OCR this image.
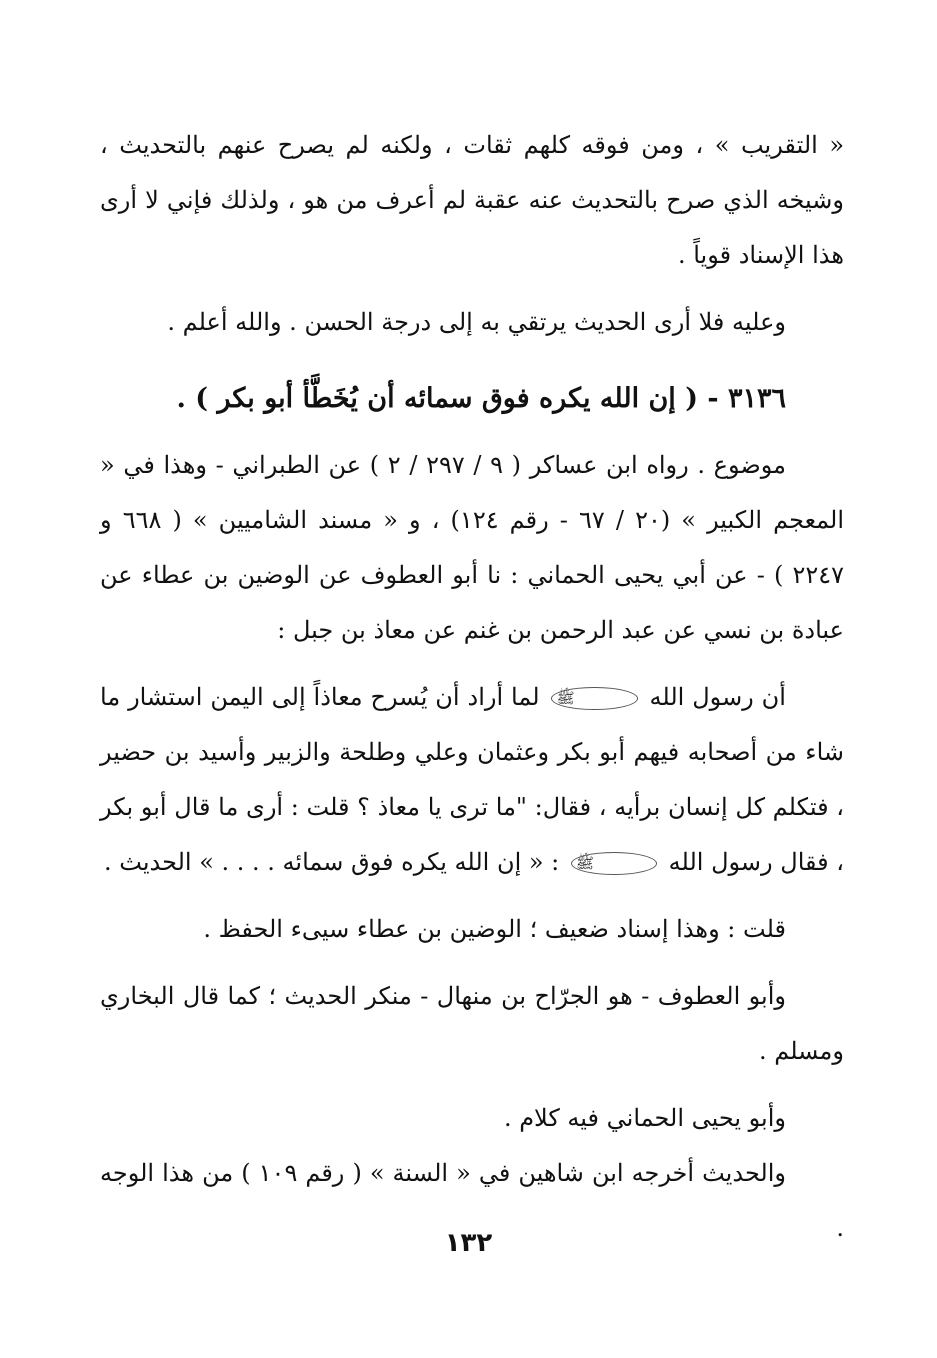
« التقريب » ، ومن فوقه كلهم ثقات ، ولكنه لم يصرح عنهم بالتحديث ، وشيخه الذي صرح بالتحديث عنه عقبة لم أعرف من هو ، ولذلك فإني لا أرى هذا الإسناد قوياً .

وعليه فلا أرى الحديث يرتقي به إلى درجة الحسن . والله أعلم .

٣١٣٦ - ( إن الله يكره فوق سمائه أن يُخَطَّأ أبو بكر ) .

موضوع . رواه ابن عساكر ( ٩ / ٢٩٧ / ٢ ) عن الطبراني - وهذا في « المعجم الكبير » (٢٠ / ٦٧ - رقم ١٢٤) ، و « مسند الشاميين » ( ٦٦٨ و ٢٢٤٧ ) - عن أبي يحيى الحماني : نا أبو العطوف عن الوضين بن عطاء عن عبادة بن نسي عن عبد الرحمن بن غنم عن معاذ بن جبل :

أن رسول الله ﷺ لما أراد أن يُسرح معاذاً إلى اليمن استشار ما شاء من أصحابه فيهم أبو بكر وعثمان وعلي وطلحة والزبير وأسيد بن حضير ، فتكلم كل إنسان برأيه ، فقال: "ما ترى يا معاذ ؟ قلت : أرى ما قال أبو بكر ، فقال رسول الله ﷺ : « إن الله يكره فوق سمائه . . . . » الحديث .

قلت : وهذا إسناد ضعيف ؛ الوضين بن عطاء سيىء الحفظ .

وأبو العطوف - هو الجرّاح بن منهال - منكر الحديث ؛ كما قال البخاري ومسلم .

وأبو يحيى الحماني فيه كلام .

والحديث أخرجه ابن شاهين في « السنة » ( رقم ١٠٩ ) من هذا الوجه .

١٣٢
